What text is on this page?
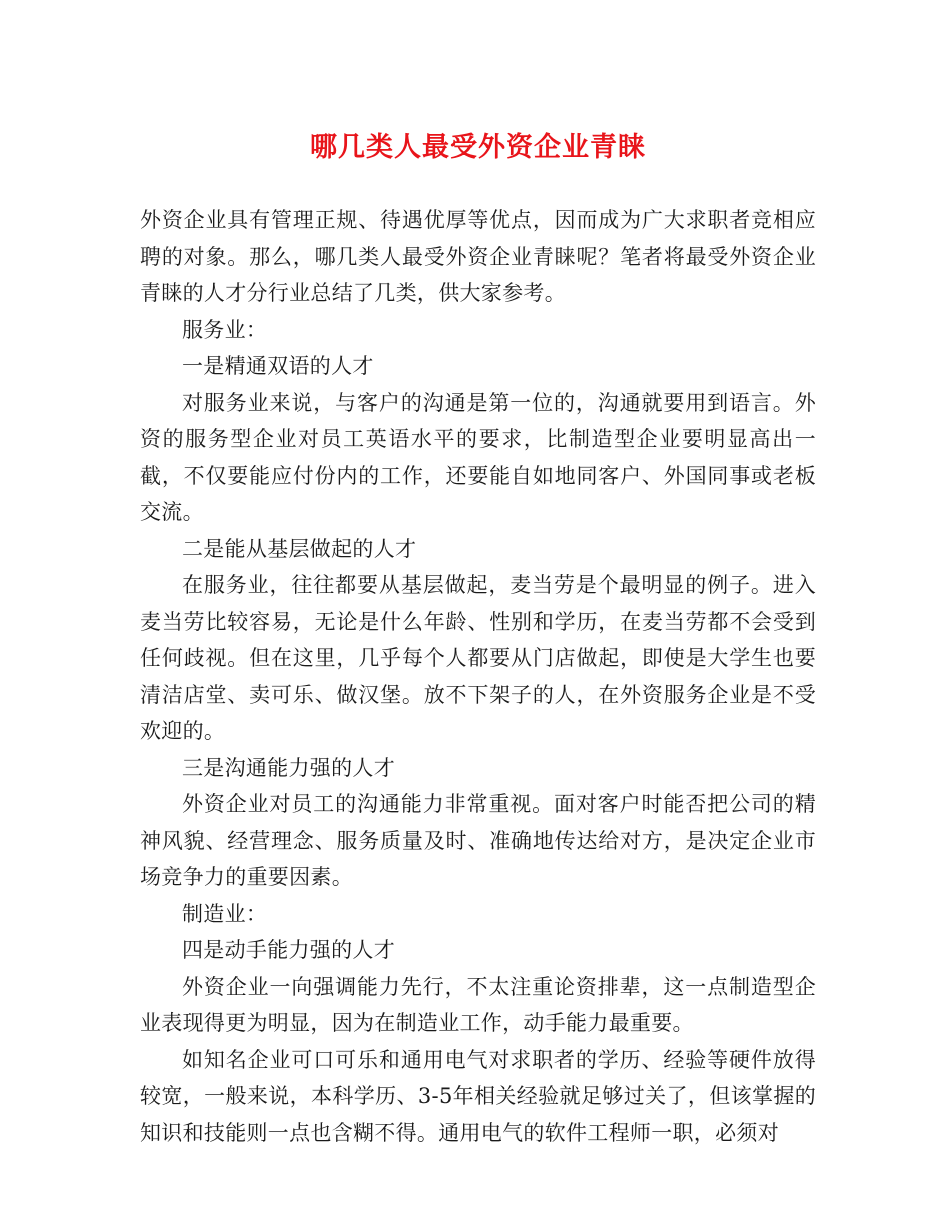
哪几类人最受外资企业青睐

外资企业具有管理正规、待遇优厚等优点，因而成为广大求职者竞相应聘的对象。那么，哪几类人最受外资企业青睐呢？笔者将最受外资企业青睐的人才分行业总结了几类，供大家参考。

服务业：

一是精通双语的人才

对服务业来说，与客户的沟通是第一位的，沟通就要用到语言。外资的服务型企业对员工英语水平的要求，比制造型企业要明显高出一截，不仅要能应付份内的工作，还要能自如地同客户、外国同事或老板交流。

二是能从基层做起的人才

在服务业，往往都要从基层做起，麦当劳是个最明显的例子。进入麦当劳比较容易，无论是什么年龄、性别和学历，在麦当劳都不会受到任何歧视。但在这里，几乎每个人都要从门店做起，即使是大学生也要清洁店堂、卖可乐、做汉堡。放不下架子的人，在外资服务企业是不受欢迎的。

三是沟通能力强的人才

外资企业对员工的沟通能力非常重视。面对客户时能否把公司的精神风貌、经营理念、服务质量及时、准确地传达给对方，是决定企业市场竞争力的重要因素。

制造业：

四是动手能力强的人才

外资企业一向强调能力先行，不太注重论资排辈，这一点制造型企业表现得更为明显，因为在制造业工作，动手能力最重要。

如知名企业可口可乐和通用电气对求职者的学历、经验等硬件放得较宽，一般来说，本科学历、3-5年相关经验就足够过关了，但该掌握的知识和技能则一点也含糊不得。通用电气的软件工程师一职，必须对
